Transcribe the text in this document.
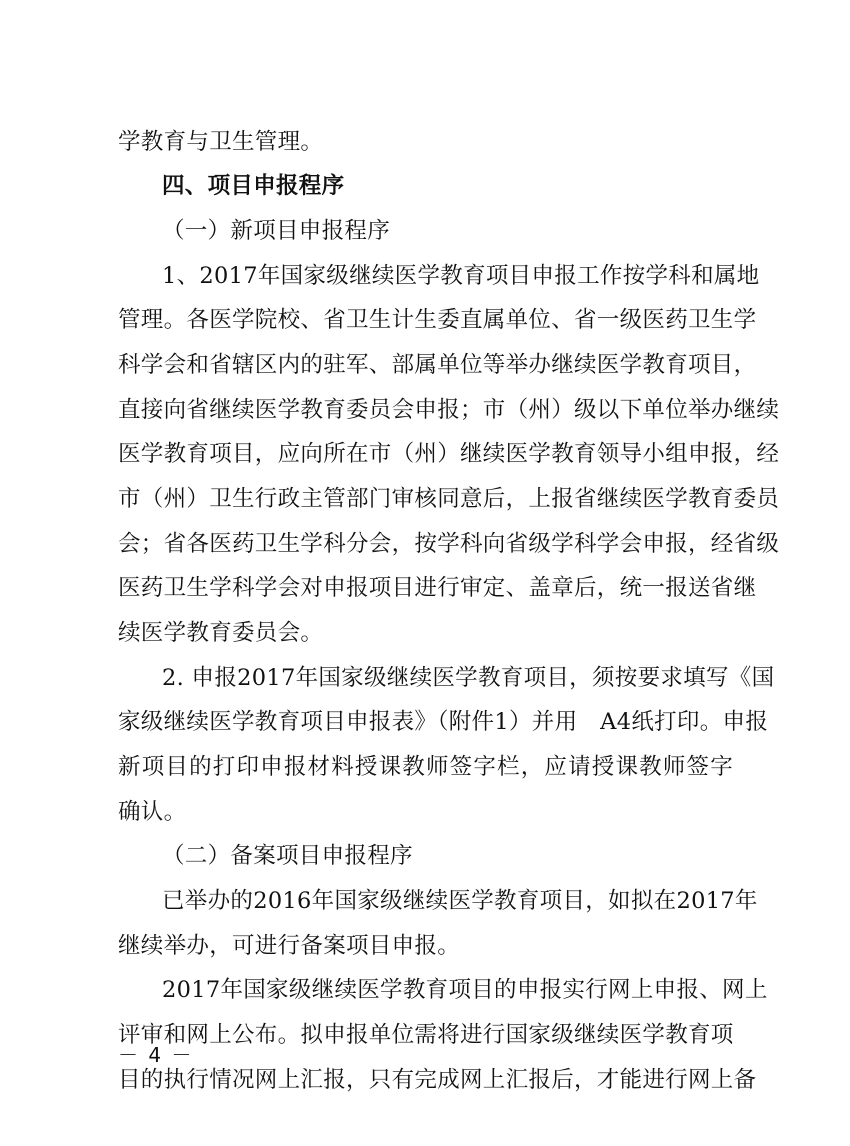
学教育与卫生管理。
四、项目申报程序
（一）新项目申报程序
1、2017年国家级继续医学教育项目申报工作按学科和属地
管理。各医学院校、省卫生计生委直属单位、省一级医药卫生学
科学会和省辖区内的驻军、部属单位等举办继续医学教育项目，
直接向省继续医学教育委员会申报；市（州）级以下单位举办继续
医学教育项目，应向所在市（州）继续医学教育领导小组申报，经
市（州）卫生行政主管部门审核同意后，上报省继续医学教育委员
会；省各医药卫生学科分会，按学科向省级学科学会申报，经省级
医药卫生学科学会对申报项目进行审定、盖章后，统一报送省继
续医学教育委员会。
2. 申报2017年国家级继续医学教育项目，须按要求填写《国
家级继续医学教育项目申报表》（附件1）并用　A4纸打印。申报
新项目的打印申报材料授课教师签字栏，应请授课教师签字
确认。
（二）备案项目申报程序
已举办的2016年国家级继续医学教育项目，如拟在2017年
继续举办，可进行备案项目申报。
2017年国家级继续医学教育项目的申报实行网上申报、网上
评审和网上公布。拟申报单位需将进行国家级继续医学教育项
目的执行情况网上汇报，只有完成网上汇报后，才能进行网上备
－ 4 －
